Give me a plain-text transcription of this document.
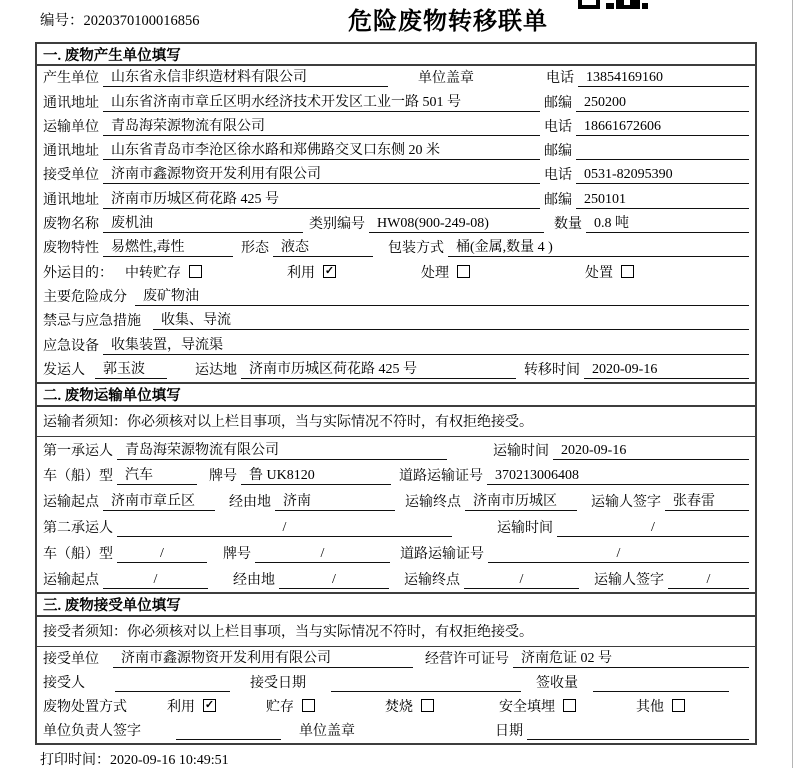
编号：2020370100016856	危险废物转移联单
一. 废物产生单位填写
产生单位 山东省永信非织造材料有限公司	单位盖章	电话 13854169160
通讯地址 山东省济南市章丘区明水经济技术开发区工业一路 501 号	邮编 250200
运输单位 青岛海荣源物流有限公司	电话 18661672606
通讯地址 山东省青岛市李沧区徐水路和郑佛路交叉口东侧 20 米	邮编
接受单位 济南市鑫源物资开发利用有限公司	电话 0531-82095390
通讯地址 济南市历城区荷花路 425 号	邮编 250101
废物名称 废机油	类别编号 HW08(900-249-08)	数量 0.8 吨
废物特性 易燃性,毒性	形态 液态	包装方式 桶(金属,数量 4 )
外运目的： 中转贮存	利用 ✓	处理	处置
主要危险成分	废矿物油
禁忌与应急措施	收集、导流
应急设备 收集装置，导流渠
发运人	郭玉波	运达地 济南市历城区荷花路 425 号	转移时间 2020-09-16
二. 废物运输单位填写
运输者须知：你必须核对以上栏目事项，当与实际情况不符时，有权拒绝接受。
第一承运人 青岛海荣源物流有限公司	运输时间 2020-09-16
车（船）型 汽车	牌号 鲁 UK8120	道路运输证号 370213006408
运输起点 济南市章丘区	经由地 济南	运输终点 济南市历城区	运输人签字 张春雷
第二承运人	/	运输时间	/
车（船）型	/	牌号	/	道路运输证号	/
运输起点	/	经由地	/	运输终点	/	运输人签字	/
三. 废物接受单位填写
接受者须知：你必须核对以上栏目事项，当与实际情况不符时，有权拒绝接受。
接受单位	济南市鑫源物资开发利用有限公司	经营许可证号 济南危证 02 号
接受人	接受日期	签收量
废物处置方式	利用 ✓	贮存	焚烧	安全填埋	其他
单位负责人签字	单位盖章	日期
打印时间：2020-09-16 10:49:51
